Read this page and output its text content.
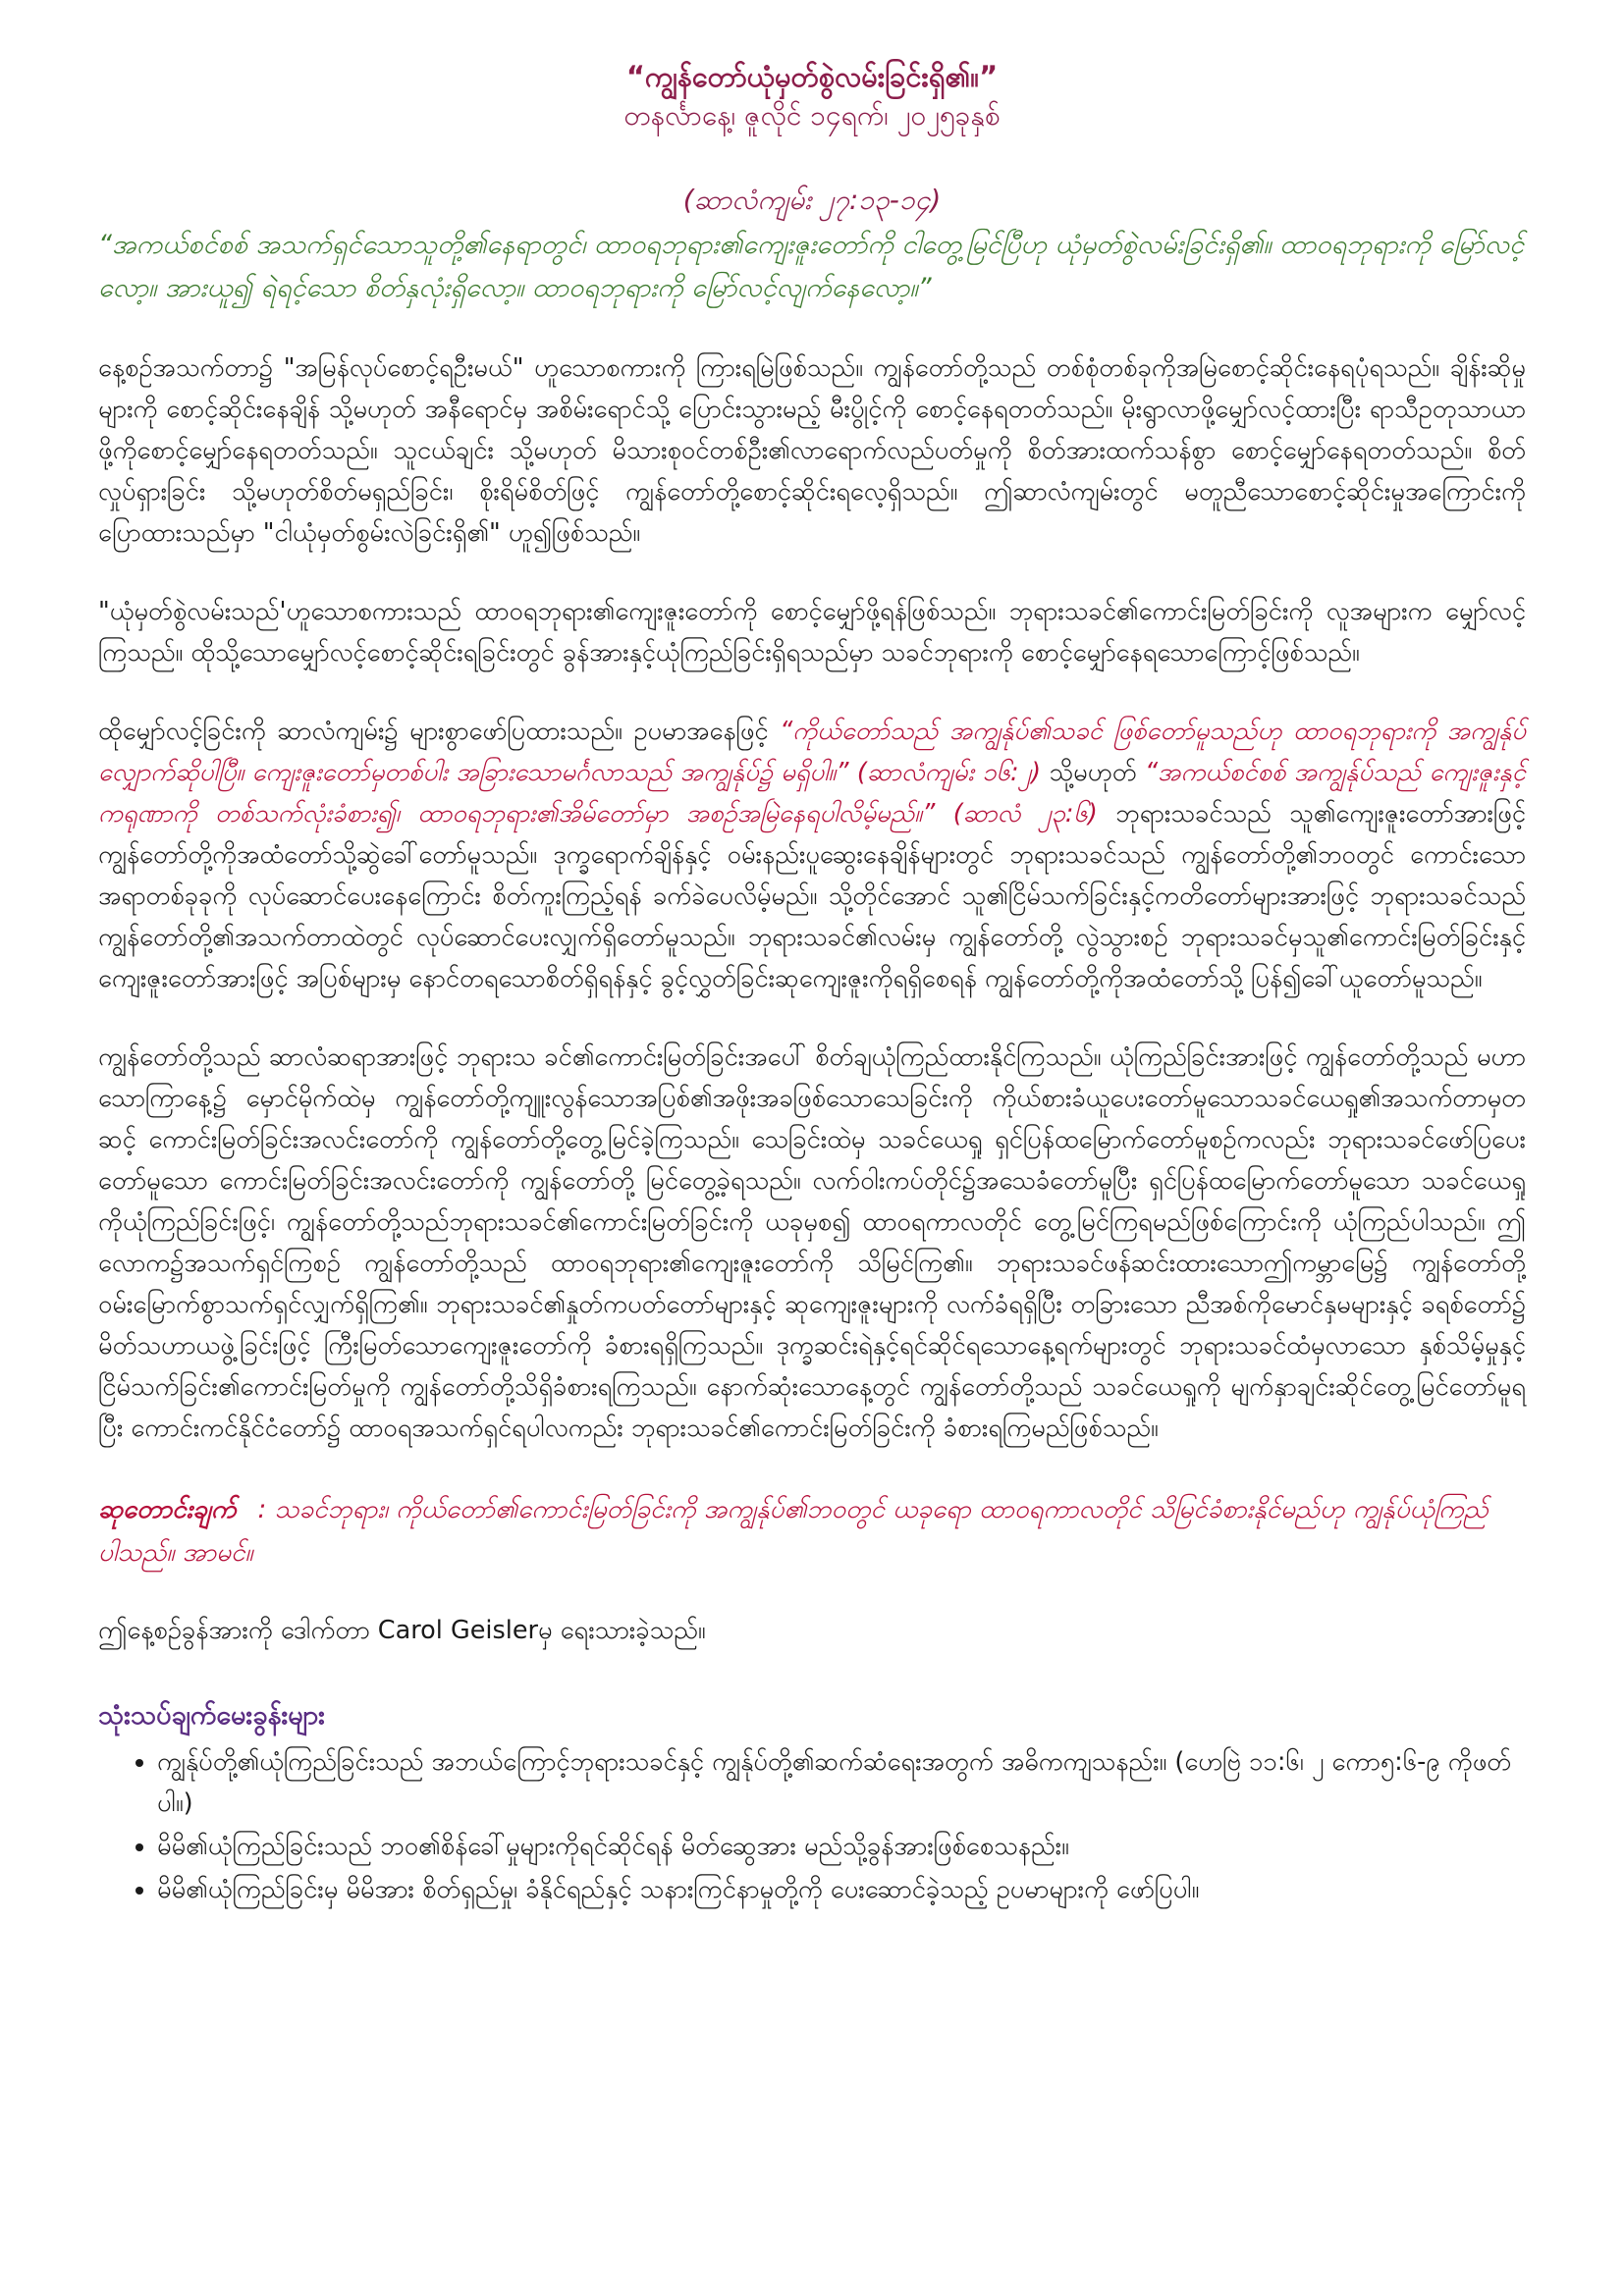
“ကျွန်တော်ယုံမှတ်စွဲလမ်းခြင်းရှိ၏။”

တနင်္လာနေ့၊ ဇူလိုင် ၁၄ရက်၊ ၂၀၂၅ခုနှစ်

(ဆာလံကျမ်း ၂၇:၁၃-၁၄)

“အကယ်စင်စစ် အသက်ရှင်သောသူတို့၏နေရာတွင်၊ ထာဝရဘုရား၏ကျေးဇူးတော်ကို ငါတွေ့မြင်ပြီဟု ယုံမှတ်စွဲလမ်းခြင်းရှိ၏။ ထာဝရဘုရားကို မြော်လင့်လော့။ အားယူ၍ ရဲရင့်သော စိတ်နှလုံးရှိလော့။ ထာဝရဘုရားကို မြော်လင့်လျက်နေလော့။”

နေ့စဉ်အသက်တာ၌ "အမြန်လုပ်စောင့်ရဦးမယ်" ဟူသောစကားကို ကြားရမြဲဖြစ်သည်။ ကျွန်တော်တို့သည် တစ်စုံတစ်ခုကိုအမြဲစောင့်ဆိုင်းနေရပုံရသည်။ ချိန်းဆိုမှုများကို စောင့်ဆိုင်းနေချိန် သို့မဟုတ် အနီရောင်မှ အစိမ်းရောင်သို့ ပြောင်းသွားမည့် မီးပွိုင့်ကို စောင့်နေရတတ်သည်။ မိုးရွာလာဖို့မျှော်လင့်ထားပြီး ရာသီဥတုသာယာဖို့ကိုစောင့်မျှော်နေရတတ်သည်။ သူငယ်ချင်း သို့မဟုတ် မိသားစုဝင်တစ်ဦး၏လာရောက်လည်ပတ်မှုကို စိတ်အားထက်သန်စွာ စောင့်မျှော်နေရတတ်သည်။ စိတ်လှုပ်ရှားခြင်း သို့မဟုတ်စိတ်မရှည်ခြင်း၊ စိုးရိမ်စိတ်ဖြင့် ကျွန်တော်တို့စောင့်ဆိုင်းရလေ့ရှိသည်။ ဤဆာလံကျမ်းတွင် မတူညီသောစောင့်ဆိုင်းမှုအကြောင်းကို ပြောထားသည်မှာ "ငါယုံမှတ်စွမ်းလဲခြင်းရှိ၏" ဟူ၍ဖြစ်သည်။

"ယုံမှတ်စွဲလမ်းသည်'ဟူသောစကားသည် ထာဝရဘုရား၏ကျေးဇူးတော်ကို စောင့်မျှော်ဖို့ရန်ဖြစ်သည်။ ဘုရားသခင်၏ကောင်းမြတ်ခြင်းကို လူအများက မျှော်လင့်ကြသည်။ ထိုသို့သောမျှော်လင့်စောင့်ဆိုင်းရခြင်းတွင် ခွန်အားနှင့်ယုံကြည်ခြင်းရှိရသည်မှာ သခင်ဘုရားကို စောင့်မျှော်နေရသောကြောင့်ဖြစ်သည်။

ထိုမျှော်လင့်ခြင်းကို ဆာလံကျမ်း၌ များစွာဖော်ပြထားသည်။ ဥပမာအနေဖြင့် “ကိုယ်တော်သည် အကျွန်ုပ်၏သခင် ဖြစ်တော်မူသည်ဟု ထာဝရဘုရားကို အကျွန်ုပ်လျှောက်ဆိုပါပြီ။ ကျေးဇူးတော်မှတစ်ပါး အခြားသောမင်္ဂလာသည် အကျွန်ုပ်၌ မရှိပါ။” (ဆာလံကျမ်း ၁၆:၂) သို့မဟုတ် “အကယ်စင်စစ် အကျွန်ုပ်သည် ကျေးဇူးနှင့်ကရုဏာကို တစ်သက်လုံးခံစား၍၊ ထာဝရဘုရား၏အိမ်တော်မှာ အစဉ်အမြဲနေရပါလိမ့်မည်။” (ဆာလံ ၂၃:၆) ဘုရားသခင်သည် သူ၏ကျေးဇူးတော်အားဖြင့် ကျွန်တော်တို့ကိုအထံတော်သို့ဆွဲခေါ်တော်မူသည်။ ဒုက္ခရောက်ချိန်နှင့် ဝမ်းနည်းပူဆွေးနေချိန်များတွင် ဘုရားသခင်သည် ကျွန်တော်တို့၏ဘဝတွင် ကောင်းသောအရာတစ်ခုခုကို လုပ်ဆောင်ပေးနေကြောင်း စိတ်ကူးကြည့်ရန် ခက်ခဲပေလိမ့်မည်။ သို့တိုင်အောင် သူ၏ငြိမ်သက်ခြင်းနှင့်ကတိတော်များအားဖြင့် ဘုရားသခင်သည် ကျွန်တော်တို့၏အသက်တာထဲတွင် လုပ်ဆောင်ပေးလျှက်ရှိတော်မူသည်။ ဘုရားသခင်၏လမ်းမှ ကျွန်တော်တို့ လွဲသွားစဉ် ဘုရားသခင်မှသူ၏ကောင်းမြတ်ခြင်းနှင့် ကျေးဇူးတော်အားဖြင့် အပြစ်များမှ နောင်တရသောစိတ်ရှိရန်နှင့် ခွင့်လွှတ်ခြင်းဆုကျေးဇူးကိုရရှိစေရန် ကျွန်တော်တို့ကိုအထံတော်သို့ ပြန်၍ခေါ်ယူတော်မူသည်။

ကျွန်တော်တို့သည် ဆာလံဆရာအားဖြင့် ဘုရားသ ခင်၏ကောင်းမြတ်ခြင်းအပေါ် စိတ်ချယုံကြည်ထားနိုင်ကြသည်။ ယုံကြည်ခြင်းအားဖြင့် ကျွန်တော်တို့သည် မဟာသောကြာနေ့၌ မှောင်မိုက်ထဲမှ ကျွန်တော်တို့ကျူးလွန်သောအပြစ်၏အဖိုးအခဖြစ်သောသေခြင်းကို ကိုယ်စားခံယူပေးတော်မူသောသခင်ယေရှု၏အသက်တာမှတဆင့် ကောင်းမြတ်ခြင်းအလင်းတော်ကို ကျွန်တော်တို့တွေ့မြင်ခဲ့ကြသည်။ သေခြင်းထဲမှ သခင်ယေရှု ရှင်ပြန်ထမြောက်တော်မူစဉ်ကလည်း ဘုရားသခင်ဖော်ပြပေးတော်မူသော ကောင်းမြတ်ခြင်းအလင်းတော်ကို ကျွန်တော်တို့ မြင်တွေ့ခဲ့ရသည်။ လက်ဝါးကပ်တိုင်၌အသေခံတော်မူပြီး ရှင်ပြန်ထမြောက်တော်မူသော သခင်ယေရှုကိုယုံကြည်ခြင်းဖြင့်၊ ကျွန်တော်တို့သည်ဘုရားသခင်၏ကောင်းမြတ်ခြင်းကို ယခုမှစ၍ ထာဝရကာလတိုင် တွေ့မြင်ကြရမည်ဖြစ်ကြောင်းကို ယုံကြည်ပါသည်။ ဤလောက၌အသက်ရှင်ကြစဉ် ကျွန်တော်တို့သည် ထာဝရဘုရား၏ကျေးဇူးတော်ကို သိမြင်ကြ၏။ ဘုရားသခင်ဖန်ဆင်းထားသောဤကမ္ဘာမြေ၌ ကျွန်တော်တို့ဝမ်းမြောက်စွာသက်ရှင်လျှက်ရှိကြ၏။ ဘုရားသခင်၏နှုတ်ကပတ်တော်များနှင့် ဆုကျေးဇူးများကို လက်ခံရရှိပြီး တခြားသော ညီအစ်ကိုမောင်နှမများနှင့် ခရစ်တော်၌ မိတ်သဟာယဖွဲ့ခြင်းဖြင့် ကြီးမြတ်သောကျေးဇူးတော်ကို ခံစားရရှိကြသည်။ ဒုက္ခဆင်းရဲနှင့်ရင်ဆိုင်ရသောနေ့ရက်များတွင် ဘုရားသခင်ထံမှလာသော နှစ်သိမ့်မှုနှင့် ငြိမ်သက်ခြင်း၏ကောင်းမြတ်မှုကို ကျွန်တော်တို့သိရှိခံစားရကြသည်။ နောက်ဆုံးသောနေ့တွင် ကျွန်တော်တို့သည် သခင်ယေရှုကို မျက်နှာချင်းဆိုင်တွေ့မြင်တော်မူရပြီး ကောင်းကင်နိုင်ငံတော်၌ ထာဝရအသက်ရှင်ရပါလကည်း ဘုရားသခင်၏ကောင်းမြတ်ခြင်းကို ခံစားရကြမည်ဖြစ်သည်။

ဆုတောင်းချက် : သခင်ဘုရား၊ ကိုယ်တော်၏ကောင်းမြတ်ခြင်းကို အကျွန်ုပ်၏ဘဝတွင် ယခုရော ထာဝရကာလတိုင် သိမြင်ခံစားနိုင်မည်ဟု ကျွန်ုပ်ယုံကြည်ပါသည်။ အာမင်။

ဤနေ့စဉ်ခွန်အားကို ဒေါက်တာ Carol Geislerမှ ရေးသားခဲ့သည်။

သုံးသပ်ချက်မေးခွန်းများ

• ကျွန်ုပ်တို့၏ယုံကြည်ခြင်းသည် အဘယ်ကြောင့်ဘုရားသခင်နှင့် ကျွန်ုပ်တို့၏ဆက်ဆံရေးအတွက် အဓိကကျသနည်း။ (ဟေဗြဲ ၁၁:၆၊ ၂ ကော၅:၆-၉ ကိုဖတ်ပါ။)
• မိမိ၏ယုံကြည်ခြင်းသည် ဘဝ၏စိန်ခေါ်မှုများကိုရင်ဆိုင်ရန် မိတ်ဆွေအား မည်သို့ခွန်အားဖြစ်စေသနည်း။
• မိမိ၏ယုံကြည်ခြင်းမှ မိမိအား စိတ်ရှည်မှု၊ ခံနိုင်ရည်နှင့် သနားကြင်နာမှုတို့ကို ပေးဆောင်ခဲ့သည့် ဥပမာများကို ဖော်ပြပါ။
